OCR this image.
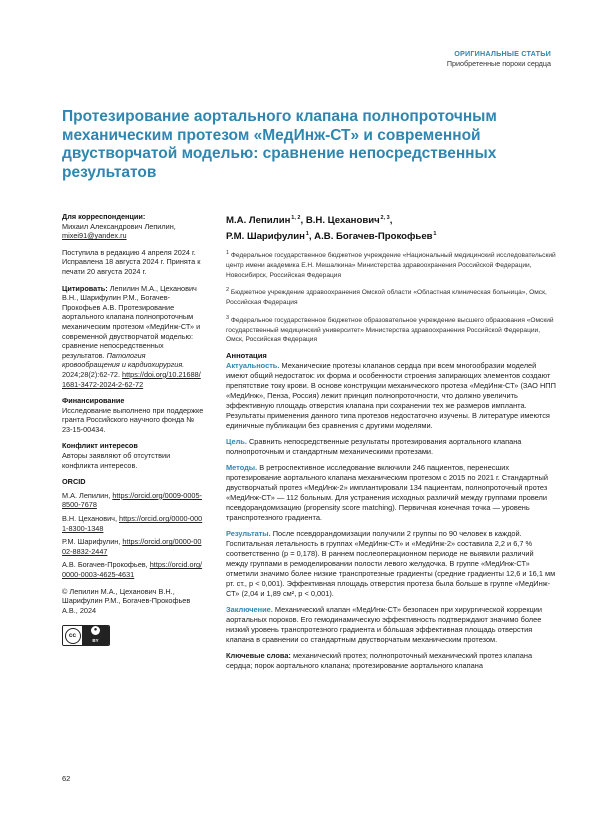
ОРИГИНАЛЬНЫЕ СТАТЬИ
Приобретенные пороки сердца
Протезирование аортального клапана полнопроточным механическим протезом «МедИнж-СТ» и современной двустворчатой моделью: сравнение непосредственных результатов

Для корреспонденции:

Михаил Александрович Лепилин,

mixei91@yandex.ru

Поступила в редакцию 4 апреля 2024 г. Исправлена 18 августа 2024 г. Принята к печати 20 августа 2024 г.

Цитировать: Лепилин М.А., Цеханович В.Н., Шарифулин Р.М., Богачев-Прокофьев А.В. Протезирование аортального клапана полнопроточным механическим протезом «МедИнж-СТ» и современной двустворчатой моделью: сравнение непосредственных результатов. Патология кровообращения и кардиохирургия. 2024;28(2):62-72. https://doi.org/10.21688/1681-3472-2024-2-62-72

Финансирование

Исследование выполнено при поддержке гранта Российского научного фонда № 23-15-00434.

Конфликт интересов

Авторы заявляют об отсутствии конфликта интересов.

ORCID

М.А. Лепилин, https://orcid.org/0009-0005-8500-7678
В.Н. Цеханович, https://orcid.org/0000-0001-8300-1348
Р.М. Шарифулин, https://orcid.org/0000-0002-8832-2447
А.В. Богачев-Прокофьев, https://orcid.org/0000-0003-4625-4631

© Лепилин М.А., Цеханович В.Н., Шарифулин Р.М., Богачев-Прокофьев А.В., 2024

cc
●
BY

М.А. Лепилин $^{1, 2}$, В.Н. Цеханович $^{2, 3}$,
Р.М. Шарифулин $^1$, А.В. Богачев-Прокофьев $^1$

$^1$ Федеральное государственное бюджетное учреждение «Национальный медицинский исследовательский центр имени академика Е.Н. Мешалкина» Министерства здравоохранения Российской Федерации, Новосибирск, Российская Федерация

$^2$ Бюджетное учреждение здравоохранения Омской области «Областная клиническая больница», Омск, Российская Федерация

$^3$ Федеральное государственное бюджетное образовательное учреждение высшего образования «Омский государственный медицинский университет» Министерства здравоохранения Российской Федерации, Омск, Российская Федерация

Аннотация

Актуальность. Механические протезы клапанов сердца при всем многообразии моделей имеют общий недостаток: их форма и особенности строения запирающих элементов создают препятствие току крови. В основе конструкции механического протеза «МедИнж-СТ» (ЗАО НПП «МедИнж», Пенза, Россия) лежит принцип полнопроточности, что должно увеличить эффективную площадь отверстия клапана при сохранении тех же размеров импланта. Результаты применения данного типа протезов недостаточно изучены. В литературе имеются единичные публикации без сравнения с другими моделями.

Цель. Сравнить непосредственные результаты протезирования аортального клапана полнопроточным и стандартным механическими протезами.

Методы. В ретроспективное исследование включили 246 пациентов, перенесших протезирование аортального клапана механическим протезом с 2015 по 2021 г. Стандартный двустворчатый протез «МедИнж-2» имплантировали 134 пациентам, полнопроточный протез «МедИнж-СТ» — 112 больным. Для устранения исходных различий между группами провели псевдорандомизацию (propensity score matching). Первичная конечная точка — уровень транспротезного градиента.

Результаты. После псевдорандомизации получили 2 группы по 90 человек в каждой. Госпитальная летальность в группах «МедИнж-СТ» и «МедИнж-2» составила 2,2 и 6,7 % соответственно (p = 0,178). В раннем послеоперационном периоде не выявили различий между группами в ремоделировании полости левого желудочка. В группе «МедИнж-СТ» отметили значимо более низкие транспротезные градиенты (средние градиенты 12,6 и 16,1 мм рт. ст., p < 0,001). Эффективная площадь отверстия протеза была больше в группе «МедИнж-СТ» (2,04 и 1,89 см², p < 0,001).

Заключение. Механический клапан «МедИнж-СТ» безопасен при хирургической коррекции аортальных пороков. Его гемодинамическую эффективность подтверждают значимо более низкий уровень транспротезного градиента и бóльшая эффективная площадь отверстия клапана в сравнении со стандартным двустворчатым механическим протезом.

Ключевые слова: механический протез; полнопроточный механический протез клапана сердца; порок аортального клапана; протезирование аортального клапана

62
